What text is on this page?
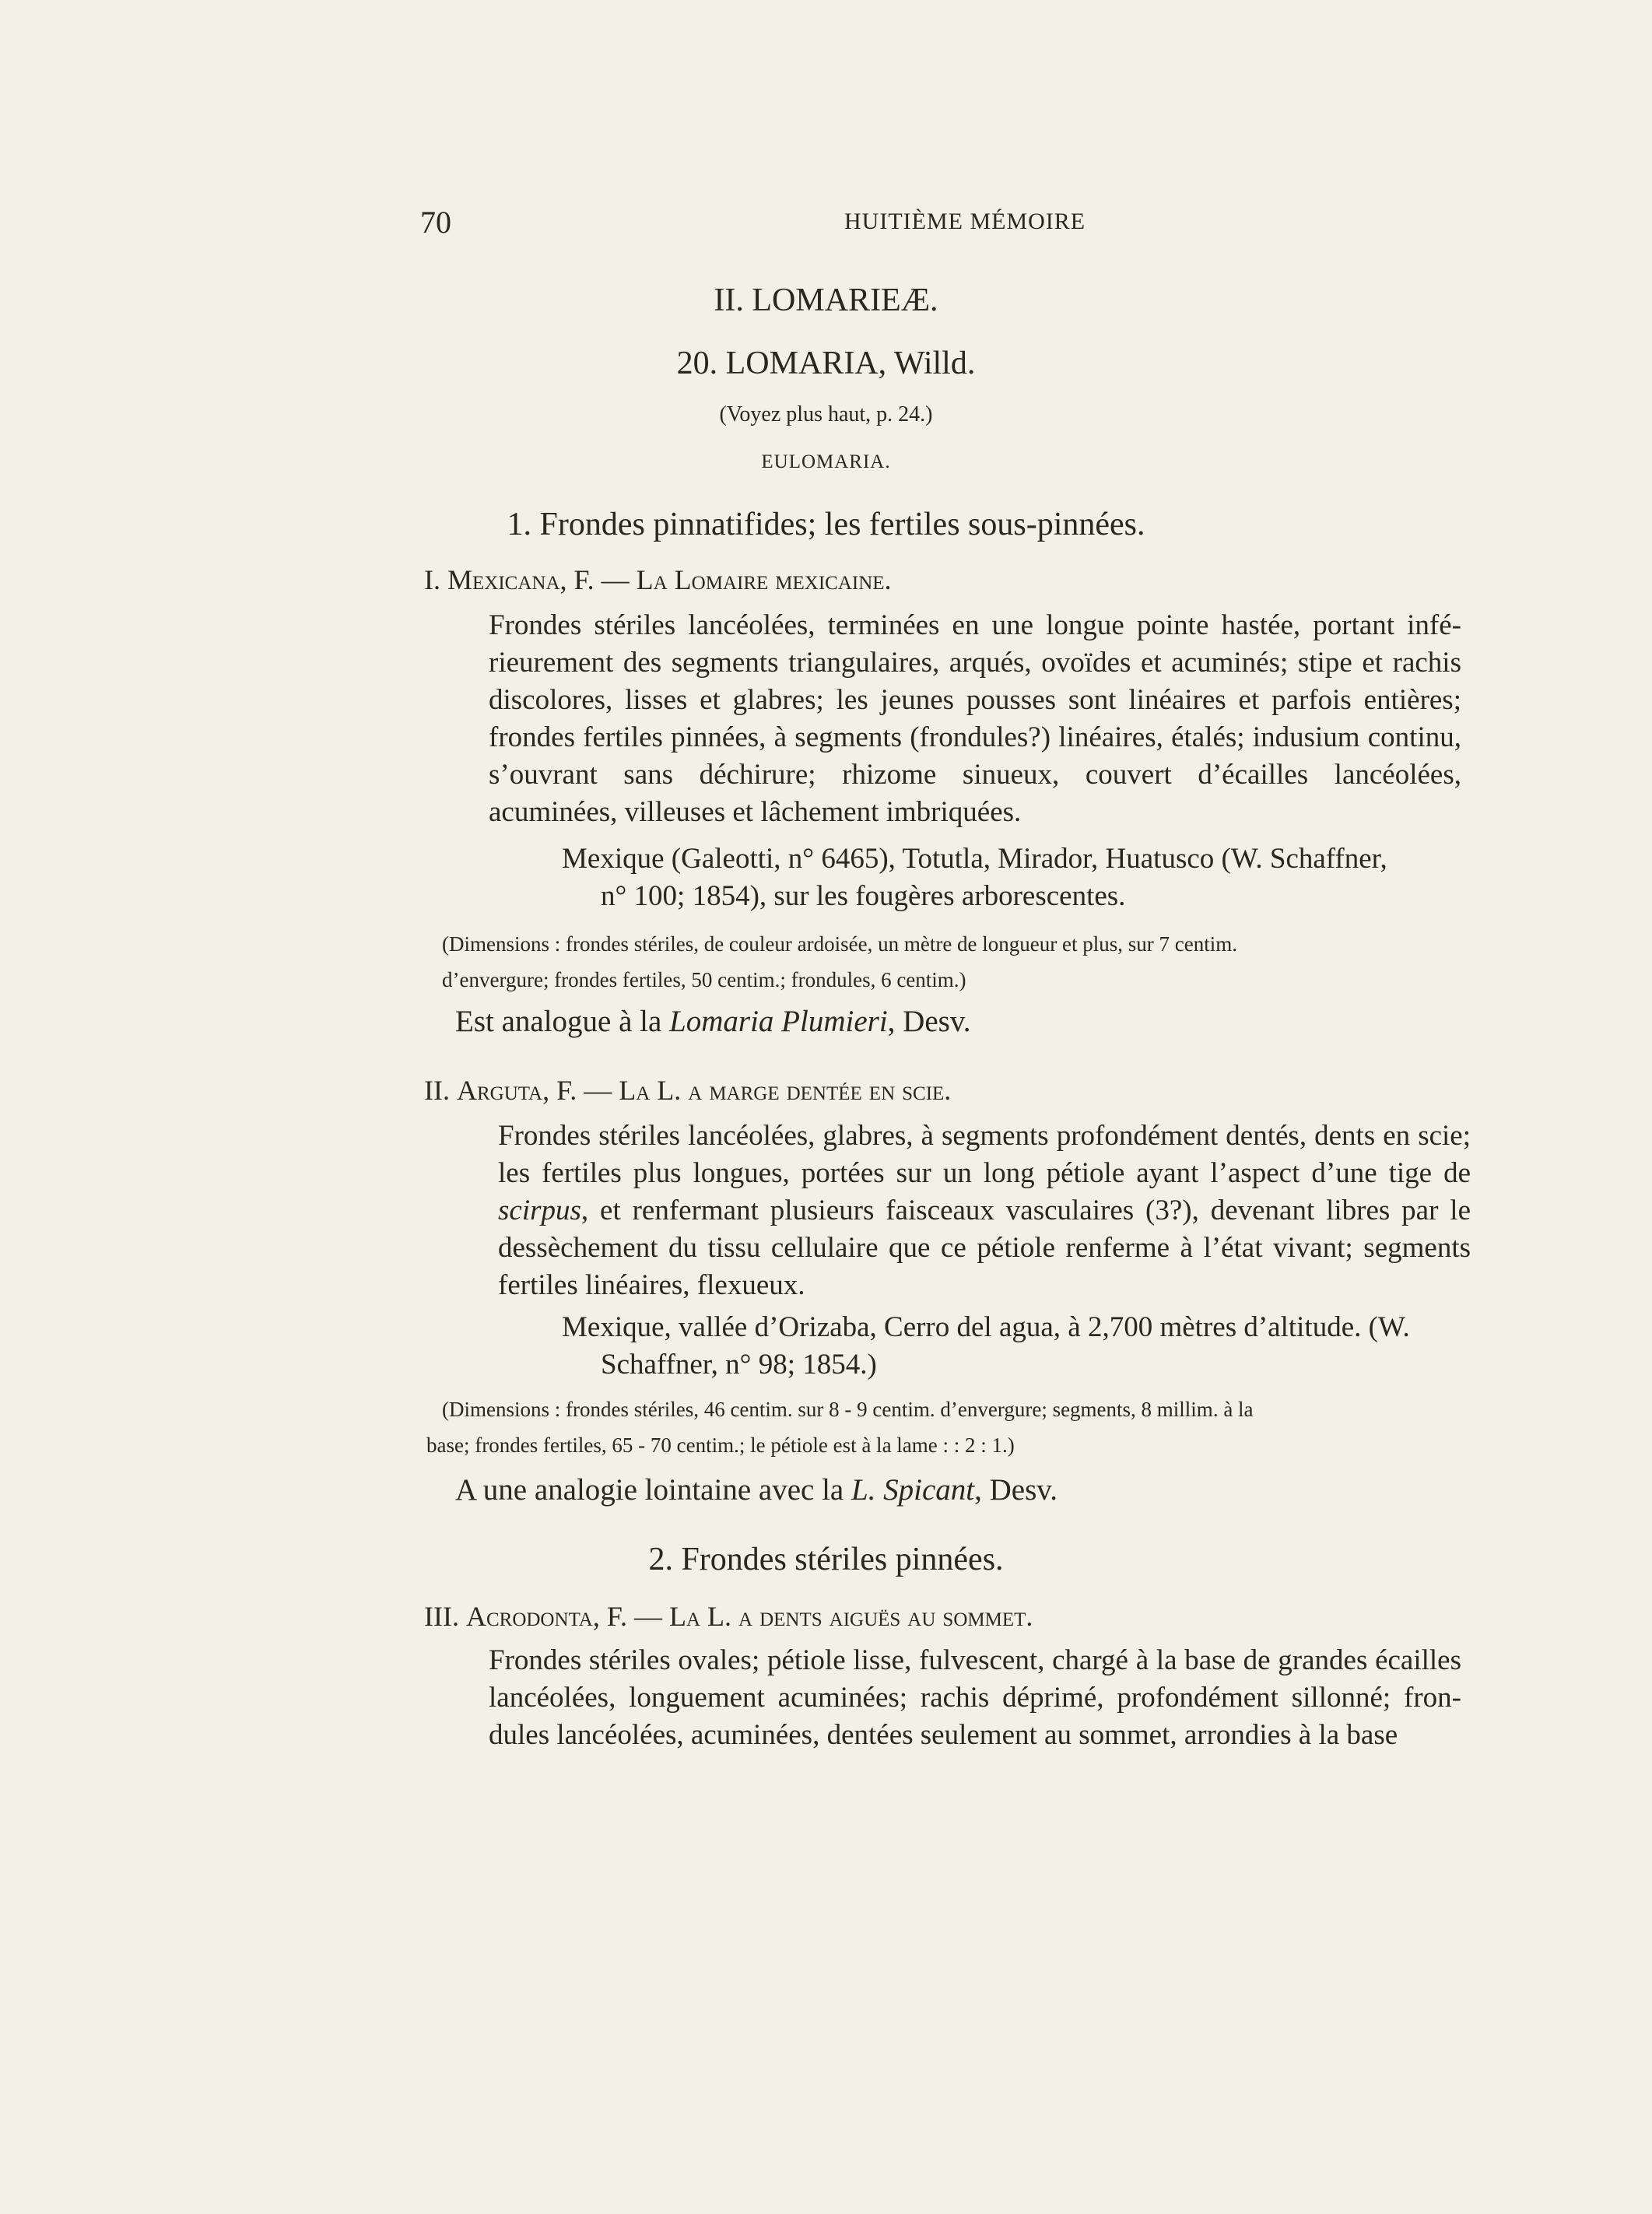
70	HUITIÈME MÉMOIRE
II. LOMARIEÆ.
20. LOMARIA, Willd.
(Voyez plus haut, p. 24.)
EULOMARIA.
1. Frondes pinnatifides; les fertiles sous-pinnées.
I. Mexicana, F. — La Lomaire mexicaine.
Frondes stériles lancéolées, terminées en une longue pointe hastée, portant infé-rieurement des segments triangulaires, arqués, ovoïdes et acuminés; stipe et rachis discolores, lisses et glabres; les jeunes pousses sont linéaires et parfois entières; frondes fertiles pinnées, à segments (frondules?) linéaires, étalés; indusium continu, s’ouvrant sans déchirure; rhizome sinueux, couvert d’écailles lancéolées, acuminées, villeuses et lâchement imbriquées.
Mexique (Galeotti, n° 6465), Totutla, Mirador, Huatusco (W. Schaffner,
n° 100; 1854), sur les fougères arborescentes.
(Dimensions : frondes stériles, de couleur ardoisée, un mètre de longueur et plus, sur 7 centim.
d’envergure; frondes fertiles, 50 centim.; frondules, 6 centim.)
Est analogue à la Lomaria Plumieri, Desv.
II. Arguta, F. — La L. a marge dentée en scie.
Frondes stériles lancéolées, glabres, à segments profondément dentés, dents en scie; les fertiles plus longues, portées sur un long pétiole ayant l’aspect d’une tige de scirpus, et renfermant plusieurs faisceaux vasculaires (3?), devenant libres par le dessèchement du tissu cellulaire que ce pétiole renferme à l’état vivant; segments fertiles linéaires, flexueux.
Mexique, vallée d’Orizaba, Cerro del agua, à 2,700 mètres d’altitude. (W.
Schaffner, n° 98; 1854.)
(Dimensions : frondes stériles, 46 centim. sur 8 - 9 centim. d’envergure; segments, 8 millim. à la
base; frondes fertiles, 65 - 70 centim.; le pétiole est à la lame : : 2 : 1.)
A une analogie lointaine avec la L. Spicant, Desv.
2. Frondes stériles pinnées.
III. Acrodonta, F. — La L. a dents aiguës au sommet.
Frondes stériles ovales; pétiole lisse, fulvescent, chargé à la base de grandes écailles lancéolées, longuement acuminées; rachis déprimé, profondément sillonné; fron-dules lancéolées, acuminées, dentées seulement au sommet, arrondies à la base
